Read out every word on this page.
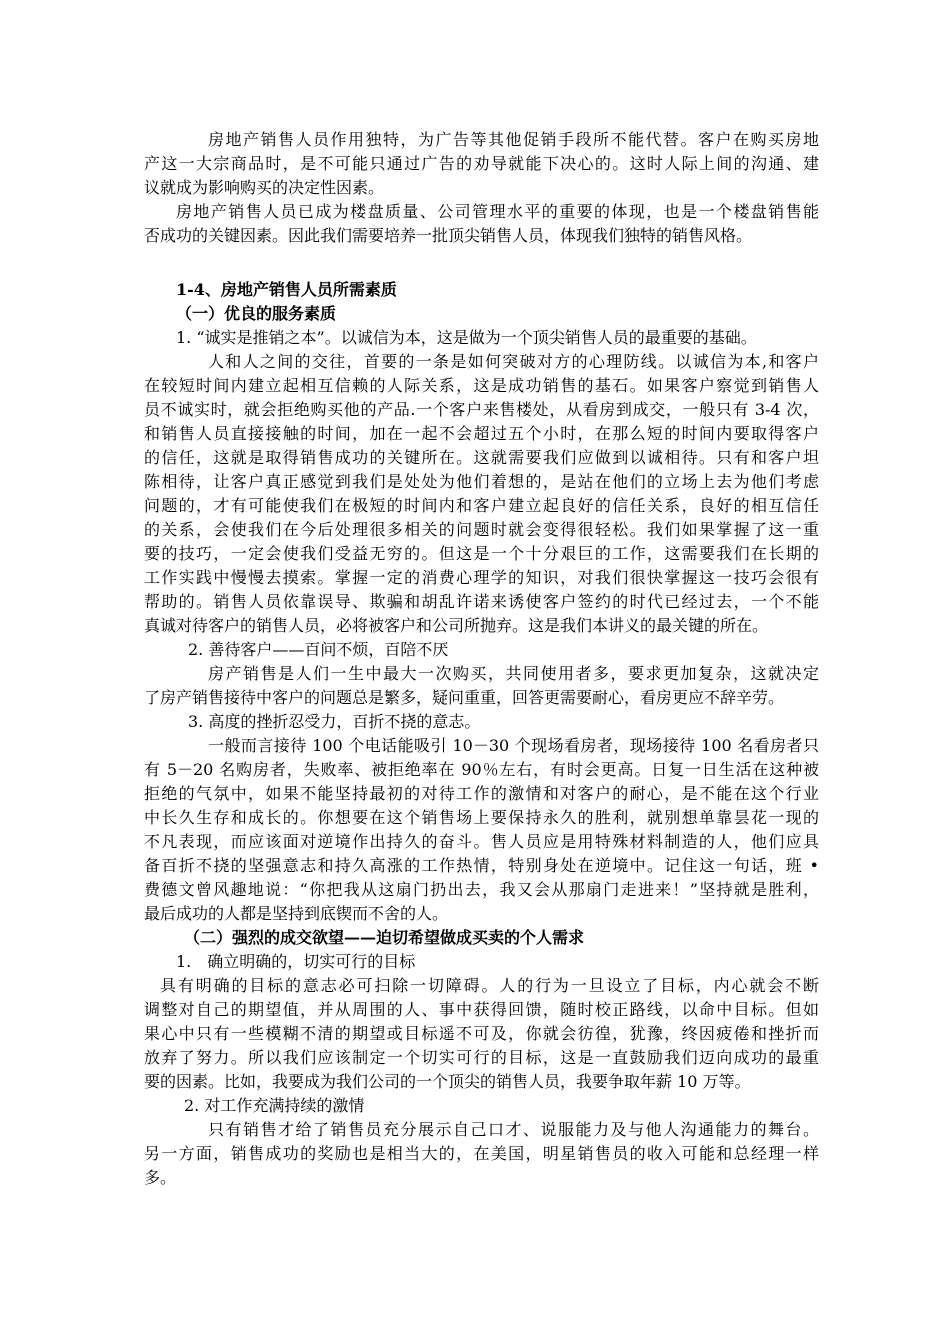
房地产销售人员作用独特，为广告等其他促销手段所不能代替。客户在购买房地
产这一大宗商品时，是不可能只通过广告的劝导就能下决心的。这时人际上间的沟通、建
议就成为影响购买的决定性因素。
房地产销售人员已成为楼盘质量、公司管理水平的重要的体现，也是一个楼盘销售能
否成功的关键因素。因此我们需要培养一批顶尖销售人员，体现我们独特的销售风格。
1-4、房地产销售人员所需素质
（一）优良的服务素质
1. “诚实是推销之本”。以诚信为本，这是做为一个顶尖销售人员的最重要的基础。
人和人之间的交往，首要的一条是如何突破对方的心理防线。以诚信为本,和客户
在较短时间内建立起相互信赖的人际关系，这是成功销售的基石。如果客户察觉到销售人
员不诚实时，就会拒绝购买他的产品.一个客户来售楼处，从看房到成交，一般只有 3-4 次，
和销售人员直接接触的时间，加在一起不会超过五个小时，在那么短的时间内要取得客户
的信任，这就是取得销售成功的关键所在。这就需要我们应做到以诚相待。只有和客户坦
陈相待，让客户真正感觉到我们是处处为他们着想的，是站在他们的立场上去为他们考虑
问题的，才有可能使我们在极短的时间内和客户建立起良好的信任关系，良好的相互信任
的关系，会使我们在今后处理很多相关的问题时就会变得很轻松。我们如果掌握了这一重
要的技巧，一定会使我们受益无穷的。但这是一个十分艰巨的工作，这需要我们在长期的
工作实践中慢慢去摸索。掌握一定的消费心理学的知识，对我们很快掌握这一技巧会很有
帮助的。销售人员依靠误导、欺骗和胡乱许诺来诱使客户签约的时代已经过去，一个不能
真诚对待客户的销售人员，必将被客户和公司所抛弃。这是我们本讲义的最关键的所在。
2. 善待客户——百问不烦，百陪不厌
房产销售是人们一生中最大一次购买，共同使用者多，要求更加复杂，这就决定
了房产销售接待中客户的问题总是繁多，疑问重重，回答更需要耐心，看房更应不辞辛劳。
3. 高度的挫折忍受力，百折不挠的意志。
一般而言接待 100 个电话能吸引 10－30 个现场看房者，现场接待 100 名看房者只
有 5－20 名购房者，失败率、被拒绝率在 90％左右，有时会更高。日复一日生活在这种被
拒绝的气氛中，如果不能坚持最初的对待工作的激情和对客户的耐心，是不能在这个行业
中长久生存和成长的。你想要在这个销售场上要保持永久的胜利，就别想单靠昙花一现的
不凡表现，而应该面对逆境作出持久的奋斗。售人员应是用特殊材料制造的人，他们应具
备百折不挠的坚强意志和持久高涨的工作热情，特别身处在逆境中。记住这一句话，班 •
费德文曾风趣地说：“你把我从这扇门扔出去，我又会从那扇门走进来！”坚持就是胜利，
最后成功的人都是坚持到底锲而不舍的人。
（二）强烈的成交欲望——迫切希望做成买卖的个人需求
1.　确立明确的，切实可行的目标
具有明确的目标的意志必可扫除一切障碍。人的行为一旦设立了目标，内心就会不断
调整对自己的期望值，并从周围的人、事中获得回馈，随时校正路线，以命中目标。但如
果心中只有一些模糊不清的期望或目标遥不可及，你就会彷徨，犹豫，终因疲倦和挫折而
放弃了努力。所以我们应该制定一个切实可行的目标，这是一直鼓励我们迈向成功的最重
要的因素。比如，我要成为我们公司的一个顶尖的销售人员，我要争取年薪 10 万等。
2. 对工作充满持续的激情
只有销售才给了销售员充分展示自己口才、说服能力及与他人沟通能力的舞台。
另一方面，销售成功的奖励也是相当大的，在美国，明星销售员的收入可能和总经理一样
多。
